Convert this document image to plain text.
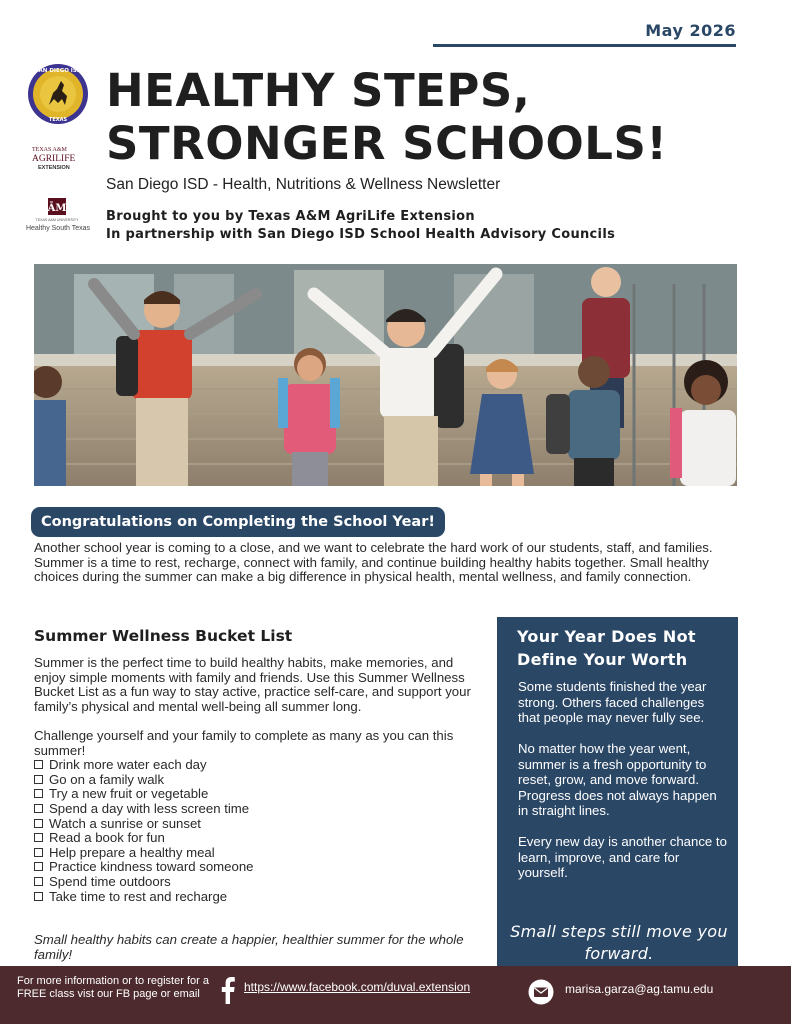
May 2026
SAN DIEGO ISD
TEXAS
TEXAS A&M
AGRILIFE
EXTENSION
ĀM
TEXAS A&M UNIVERSITY
Healthy South Texas
HEALTHY STEPS,
STRONGER SCHOOLS!
San Diego ISD - Health, Nutritions & Wellness Newsletter
Brought to you by Texas A&M AgriLife Extension
In partnership with San Diego ISD School Health Advisory Councils
Congratulations on Completing the School Year!
Another school year is coming to a close, and we want to celebrate the hard work of our students, staff, and families. Summer is a time to rest, recharge, connect with family, and continue building healthy habits together. Small healthy choices during the summer can make a big difference in physical health, mental wellness, and family connection.
Summer Wellness Bucket List

Summer is the perfect time to build healthy habits, make memories, and enjoy simple moments with family and friends. Use this Summer Wellness Bucket List as a fun way to stay active, practice self-care, and support your family’s physical and mental well-being all summer long.

Challenge yourself and your family to complete as many as you can this summer!
Drink more water each day
Go on a family walk
Try a new fruit or vegetable
Spend a day with less screen time
Watch a sunrise or sunset
Read a book for fun
Help prepare a healthy meal
Practice kindness toward someone
Spend time outdoors
Take time to rest and recharge
Small healthy habits can create a happier, healthier summer for the whole family!
Your Year Does Not Define Your Worth

Some students finished the year strong. Others faced challenges that people may never fully see.

No matter how the year went, summer is a fresh opportunity to reset, grow, and move forward. Progress does not always happen in straight lines.

Every new day is another chance to learn, improve, and care for yourself.

Small steps still move you forward.
For more information or to register for a FREE class vist our FB page or email	https://www.facebook.com/duval.extension	marisa.garza@ag.tamu.edu
